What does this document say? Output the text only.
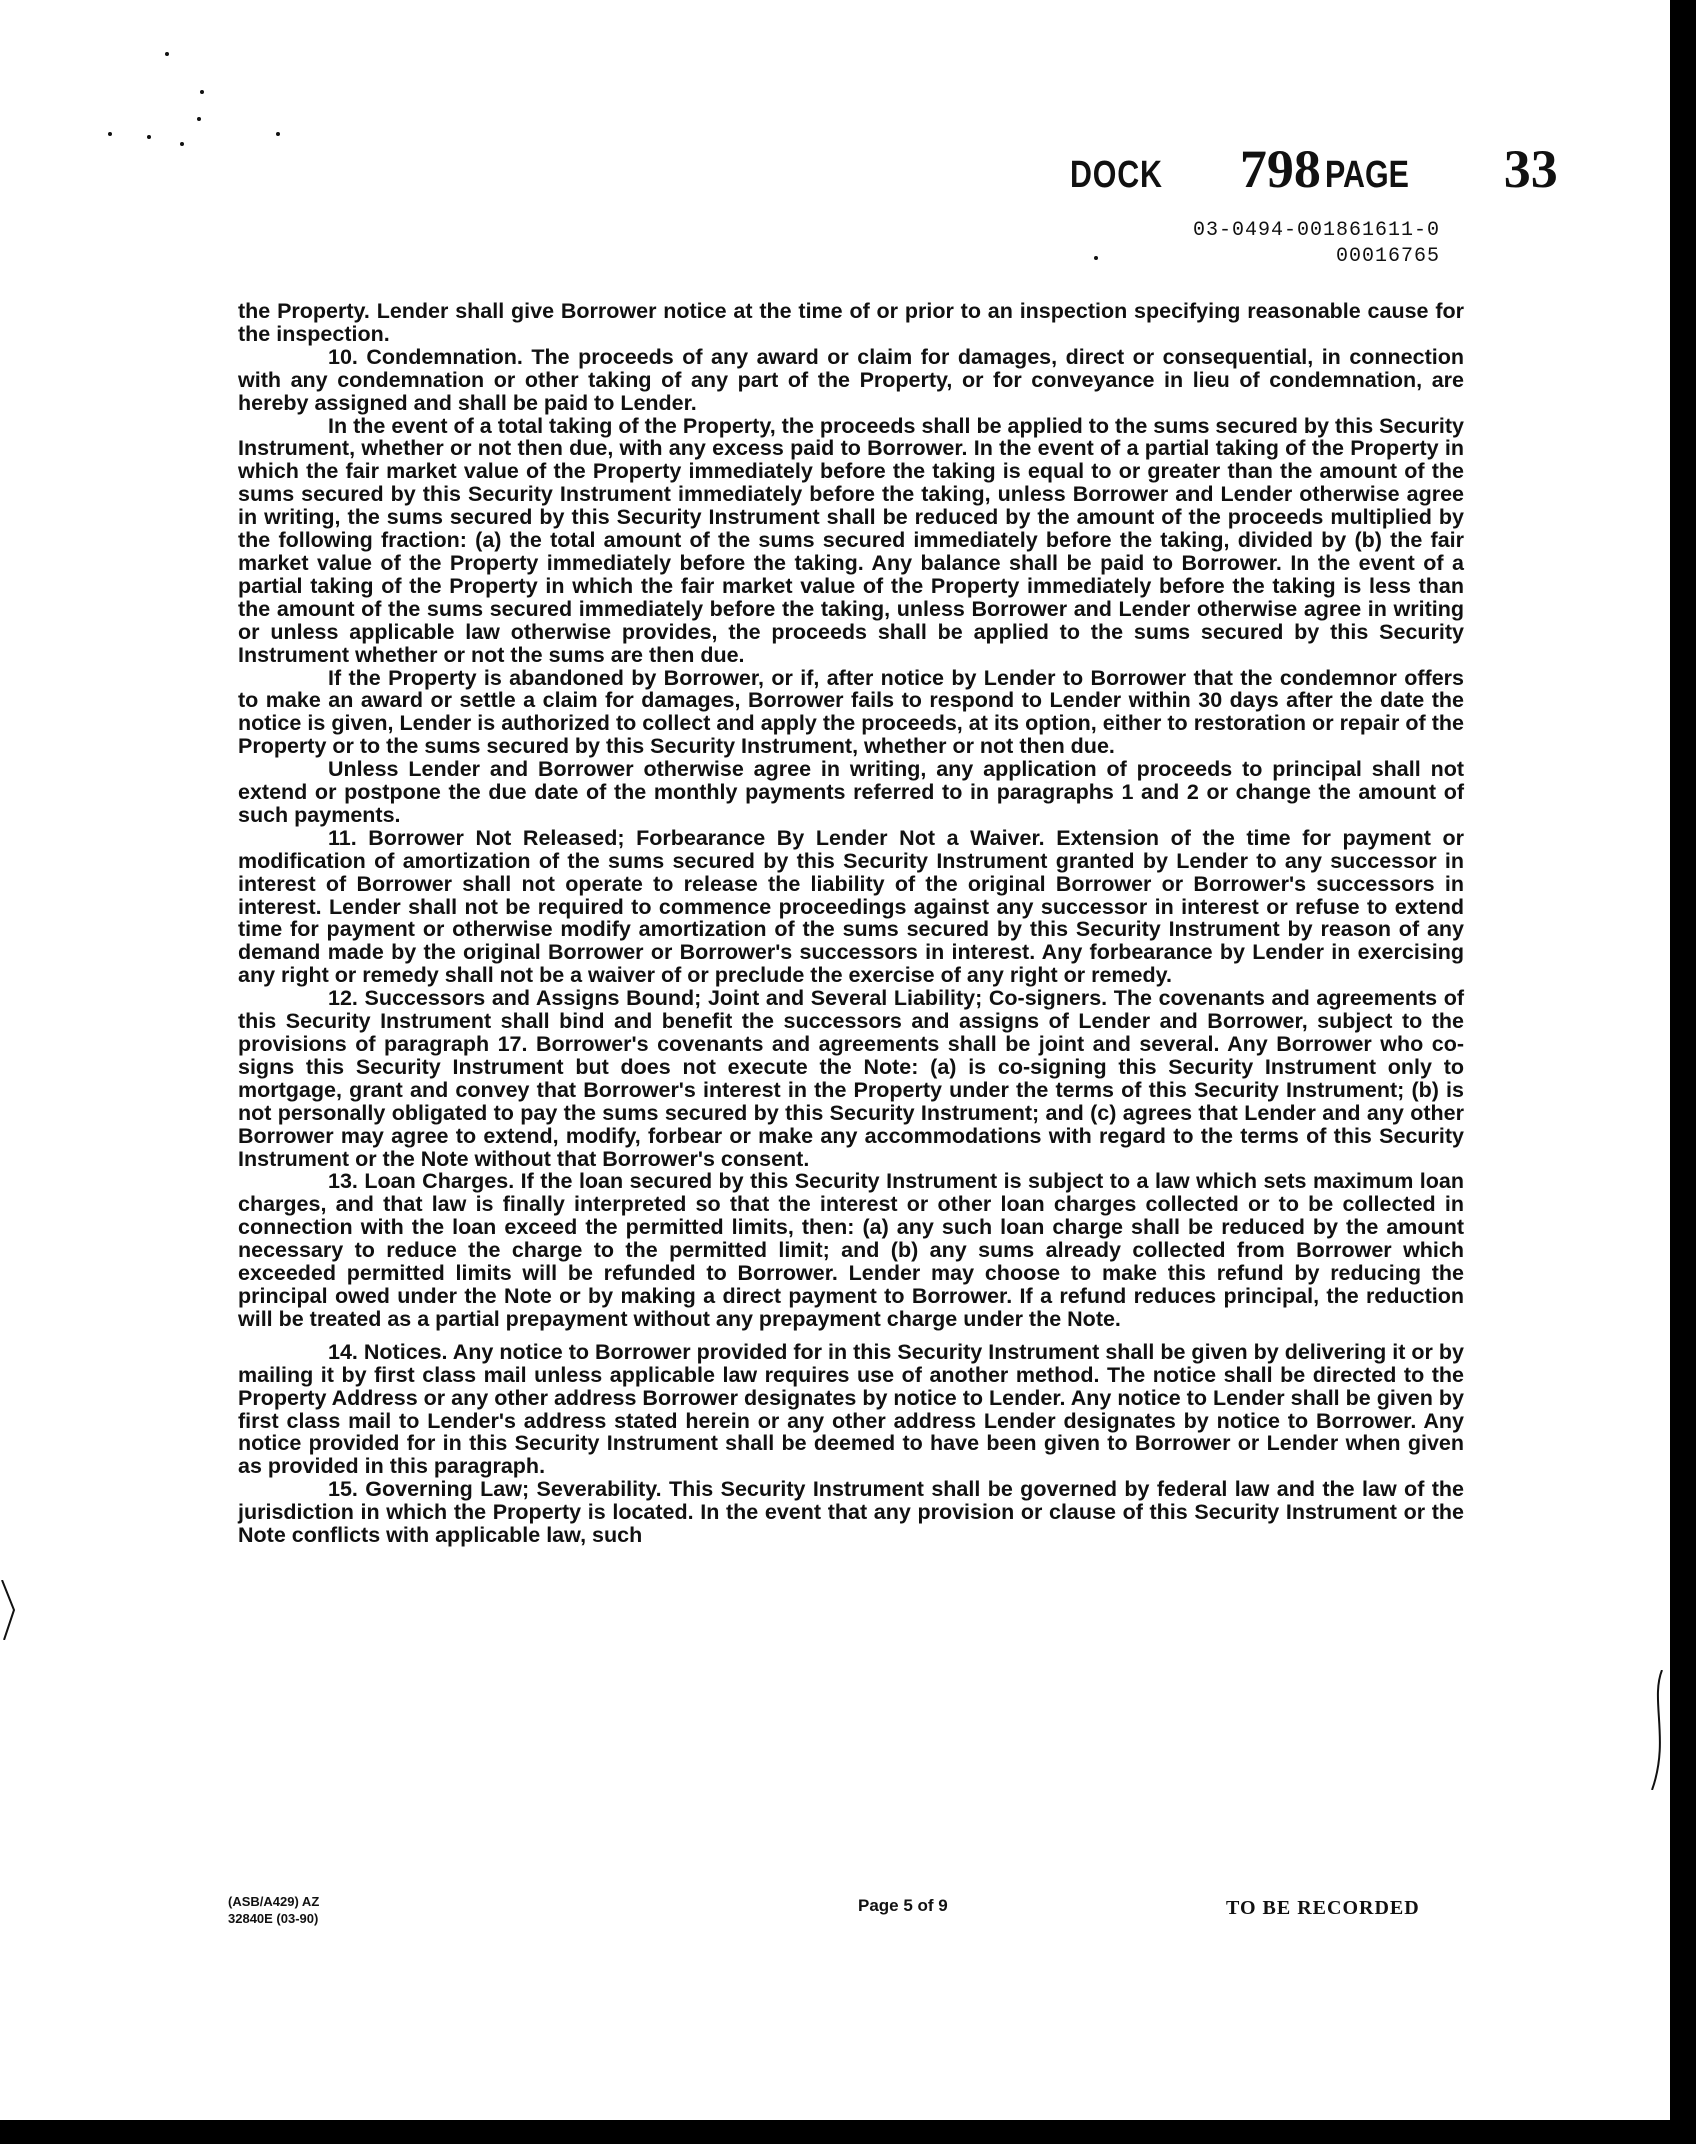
DOCK 798 PAGE 33
03-0494-001861611-0
00016765

the Property. Lender shall give Borrower notice at the time of or prior to an inspection specifying reasonable cause for the inspection.

10. Condemnation. The proceeds of any award or claim for damages, direct or consequential, in connection with any condemnation or other taking of any part of the Property, or for conveyance in lieu of condemnation, are hereby assigned and shall be paid to Lender.

In the event of a total taking of the Property, the proceeds shall be applied to the sums secured by this Security Instrument, whether or not then due, with any excess paid to Borrower. In the event of a partial taking of the Property in which the fair market value of the Property immediately before the taking is equal to or greater than the amount of the sums secured by this Security Instrument immediately before the taking, unless Borrower and Lender otherwise agree in writing, the sums secured by this Security Instrument shall be reduced by the amount of the proceeds multiplied by the following fraction: (a) the total amount of the sums secured immediately before the taking, divided by (b) the fair market value of the Property immediately before the taking. Any balance shall be paid to Borrower. In the event of a partial taking of the Property in which the fair market value of the Property immediately before the taking is less than the amount of the sums secured immediately before the taking, unless Borrower and Lender otherwise agree in writing or unless applicable law otherwise provides, the proceeds shall be applied to the sums secured by this Security Instrument whether or not the sums are then due.

If the Property is abandoned by Borrower, or if, after notice by Lender to Borrower that the condemnor offers to make an award or settle a claim for damages, Borrower fails to respond to Lender within 30 days after the date the notice is given, Lender is authorized to collect and apply the proceeds, at its option, either to restoration or repair of the Property or to the sums secured by this Security Instrument, whether or not then due.

Unless Lender and Borrower otherwise agree in writing, any application of proceeds to principal shall not extend or postpone the due date of the monthly payments referred to in paragraphs 1 and 2 or change the amount of such payments.

11. Borrower Not Released; Forbearance By Lender Not a Waiver. Extension of the time for payment or modification of amortization of the sums secured by this Security Instrument granted by Lender to any successor in interest of Borrower shall not operate to release the liability of the original Borrower or Borrower's successors in interest. Lender shall not be required to commence proceedings against any successor in interest or refuse to extend time for payment or otherwise modify amortization of the sums secured by this Security Instrument by reason of any demand made by the original Borrower or Borrower's successors in interest. Any forbearance by Lender in exercising any right or remedy shall not be a waiver of or preclude the exercise of any right or remedy.

12. Successors and Assigns Bound; Joint and Several Liability; Co-signers. The covenants and agreements of this Security Instrument shall bind and benefit the successors and assigns of Lender and Borrower, subject to the provisions of paragraph 17. Borrower's covenants and agreements shall be joint and several. Any Borrower who co-signs this Security Instrument but does not execute the Note: (a) is co-signing this Security Instrument only to mortgage, grant and convey that Borrower's interest in the Property under the terms of this Security Instrument; (b) is not personally obligated to pay the sums secured by this Security Instrument; and (c) agrees that Lender and any other Borrower may agree to extend, modify, forbear or make any accommodations with regard to the terms of this Security Instrument or the Note without that Borrower's consent.

13. Loan Charges. If the loan secured by this Security Instrument is subject to a law which sets maximum loan charges, and that law is finally interpreted so that the interest or other loan charges collected or to be collected in connection with the loan exceed the permitted limits, then: (a) any such loan charge shall be reduced by the amount necessary to reduce the charge to the permitted limit; and (b) any sums already collected from Borrower which exceeded permitted limits will be refunded to Borrower. Lender may choose to make this refund by reducing the principal owed under the Note or by making a direct payment to Borrower. If a refund reduces principal, the reduction will be treated as a partial prepayment without any prepayment charge under the Note.

14. Notices. Any notice to Borrower provided for in this Security Instrument shall be given by delivering it or by mailing it by first class mail unless applicable law requires use of another method. The notice shall be directed to the Property Address or any other address Borrower designates by notice to Lender. Any notice to Lender shall be given by first class mail to Lender's address stated herein or any other address Lender designates by notice to Borrower. Any notice provided for in this Security Instrument shall be deemed to have been given to Borrower or Lender when given as provided in this paragraph.

15. Governing Law; Severability. This Security Instrument shall be governed by federal law and the law of the jurisdiction in which the Property is located. In the event that any provision or clause of this Security Instrument or the Note conflicts with applicable law, such

(ASB/A429) AZ
32840E (03-90)
Page 5 of 9	TO BE RECORDED
